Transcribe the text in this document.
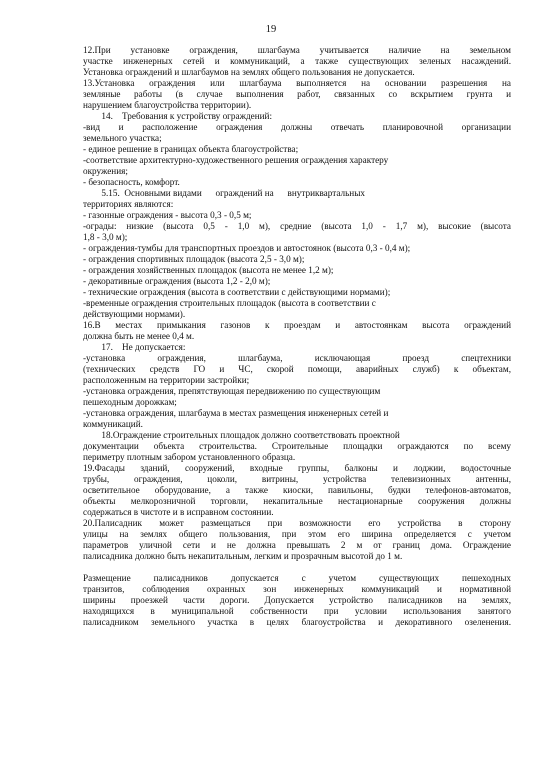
19
12.При установке ограждения, шлагбаума учитывается наличие на земельном
участке инженерных сетей и коммуникаций, а также существующих зеленых насаждений.
Установка ограждений и шлагбаумов на землях общего пользования не допускается.
13.Установка ограждения или шлагбаума выполняется на основании разрешения на
земляные работы (в случае выполнения работ, связанных со вскрытием грунта и
нарушением благоустройства территории).
14.    Требования к устройству ограждений:
-вид и расположение ограждения должны отвечать планировочной организации
земельного участка;
- единое решение в границах объекта благоустройства;
-соответствие архитектурно-художественного решения ограждения характеру
окружения;
- безопасность, комфорт.
5.15.  Основными видами      ограждений на      внутриквартальных
территориях являются:
- газонные ограждения - высота 0,3 - 0,5 м;
-ограды: низкие (высота 0,5 - 1,0 м), средние (высота 1,0 - 1,7 м), высокие (высота
1,8 - 3,0 м);
- ограждения-тумбы для транспортных проездов и автостоянок (высота 0,3 - 0,4 м);
- ограждения спортивных площадок (высота 2,5 - 3,0 м);
- ограждения хозяйственных площадок (высота не менее 1,2 м);
- декоративные ограждения (высота 1,2 - 2,0 м);
- технические ограждения (высота в соответствии с действующими нормами);
-временные ограждения строительных площадок (высота в соответствии с
действующими нормами).
16.В местах примыкания газонов к проездам и автостоянкам высота ограждений
должна быть не менее 0,4 м.
17.    Не допускается:
-установка ограждения, шлагбаума, исключающая проезд спецтехники
(технических средств ГО и ЧС, скорой помощи, аварийных служб) к объектам,
расположенным на территории застройки;
-установка ограждения, препятствующая передвижению по существующим
пешеходным дорожкам;
-установка ограждения, шлагбаума в местах размещения инженерных сетей и
коммуникаций.
18.Ограждение строительных площадок должно соответствовать проектной
документации объекта строительства. Строительные площадки ограждаются по всему
периметру плотным забором установленного образца.
19.Фасады зданий, сооружений, входные группы, балконы и лоджии, водосточные
трубы, ограждения, цоколи, витрины, устройства телевизионных антенны,
осветительное оборудование, а также киоски, павильоны, будки телефонов-автоматов,
объекты мелкорозничной торговли, некапитальные нестационарные сооружения должны
содержаться в чистоте и в исправном состоянии.
20.Палисадник может размещаться при возможности его устройства в сторону
улицы на землях общего пользования, при этом его ширина определяется с учетом
параметров уличной сети и не должна превышать 2 м от границ дома. Ограждение
палисадника должно быть некапитальным, легким и прозрачным высотой до 1 м.
Размещение палисадников допускается с учетом существующих пешеходных
транзитов, соблюдения охранных зон инженерных коммуникаций и нормативной
ширины проезжей части дороги. Допускается устройство палисадников на землях,
находящихся в муниципальной собственности при условии использования занятого
палисадником земельного участка в целях благоустройства и декоративного озеленения.
